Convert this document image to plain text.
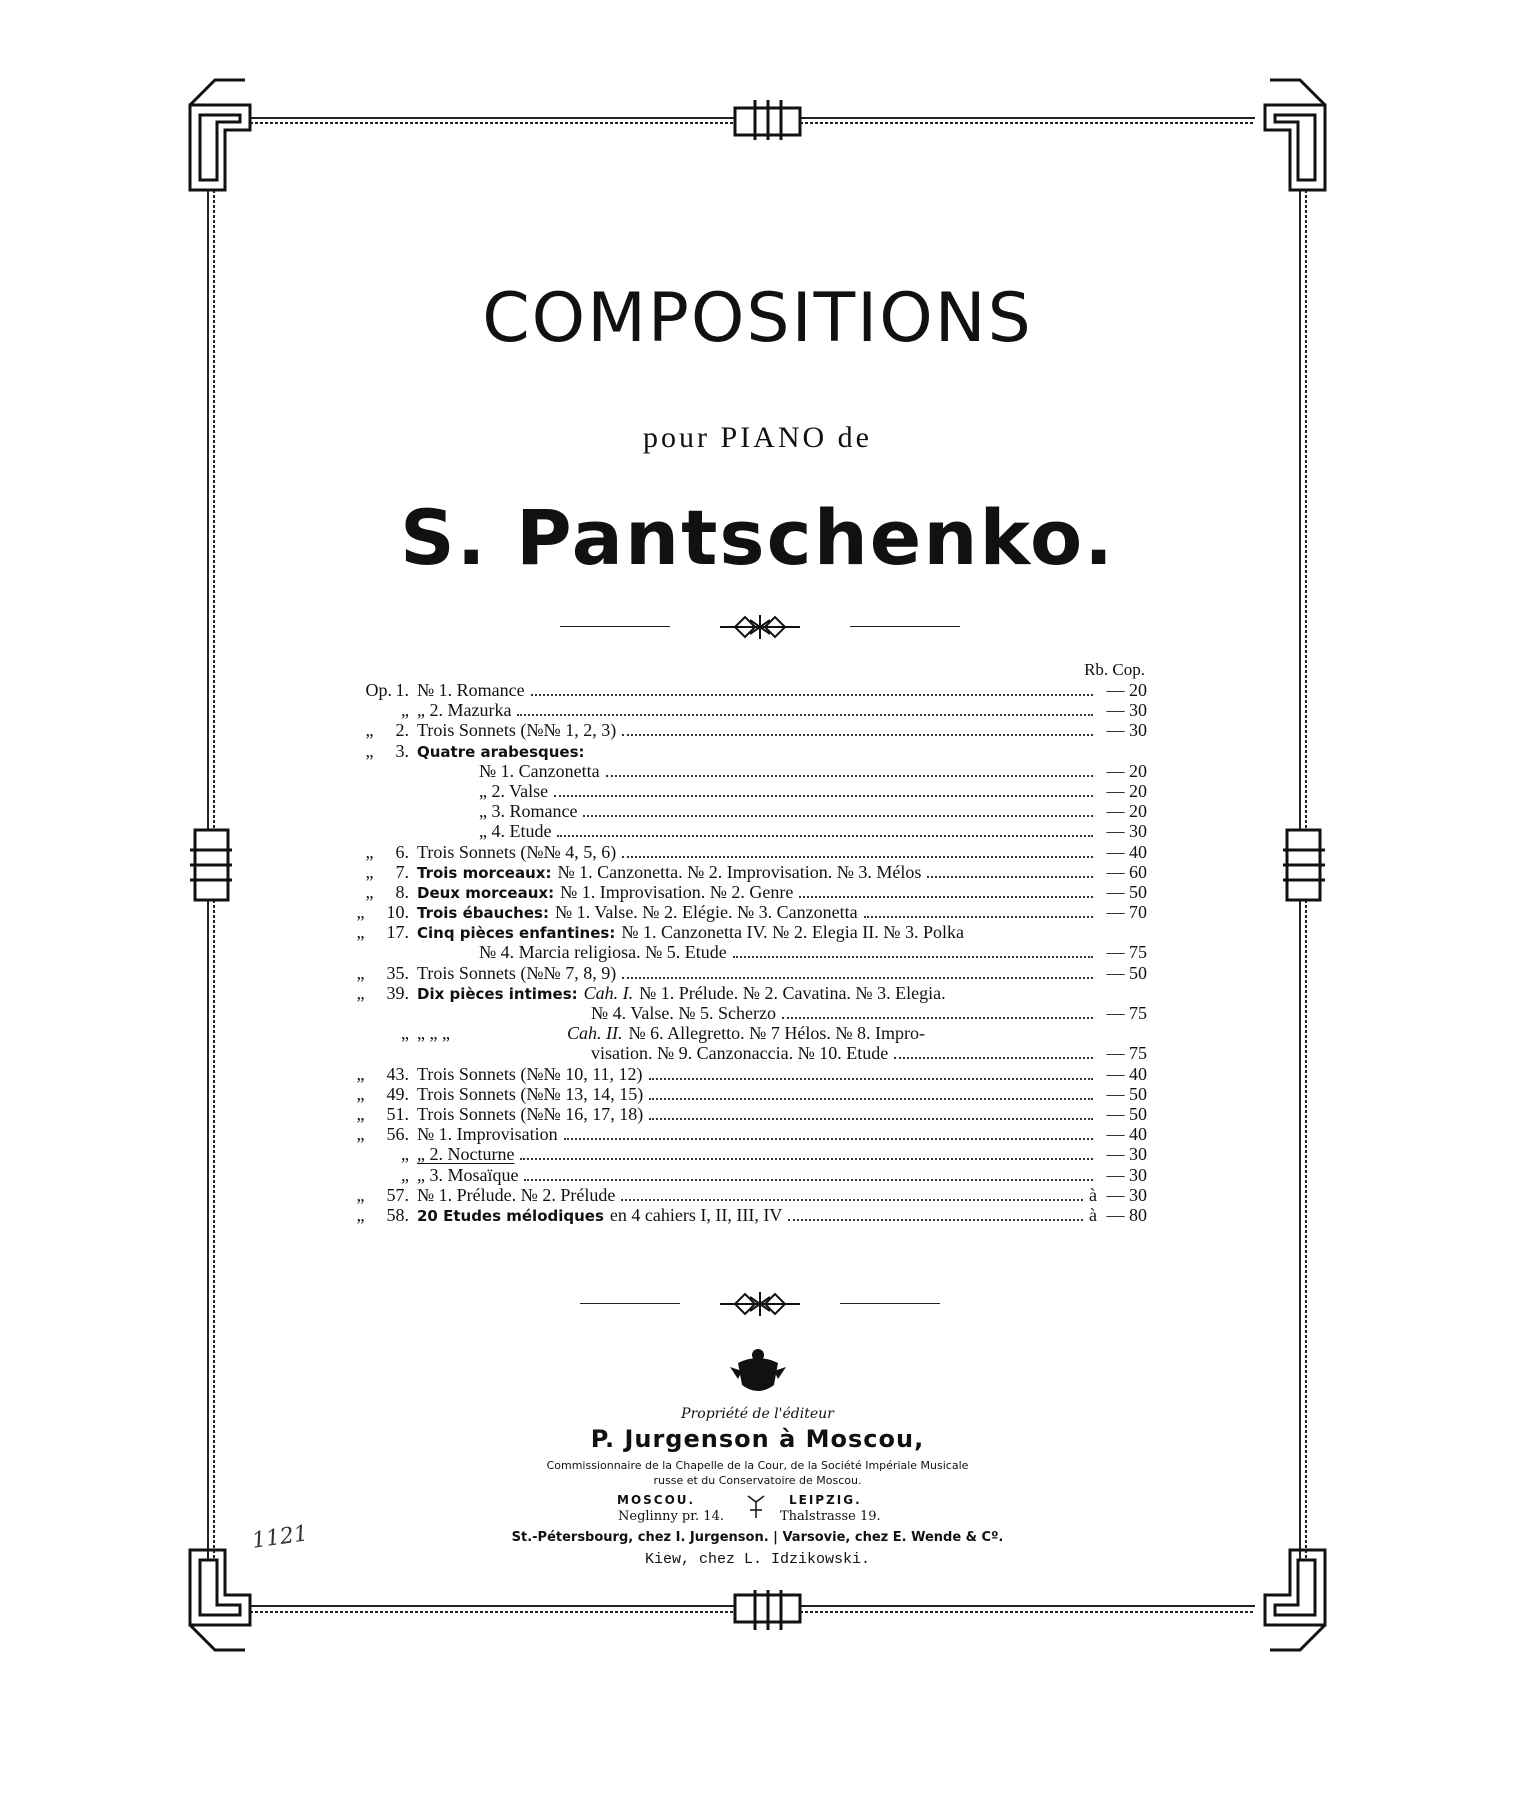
COMPOSITIONS
pour PIANO de
S. Pantschenko.
Rb. Cop.
Op. 1. № 1. Romance	— 20
„ „ 2. Mazurka	— 30
„ 2. Trois Sonnets (№№ 1, 2, 3)	— 30
„ 3. Quatre arabesques:
№ 1. Canzonetta	— 20
„ 2. Valse	— 20
„ 3. Romance	— 20
„ 4. Etude	— 30
„ 6. Trois Sonnets (№№ 4, 5, 6)	— 40
„ 7. Trois morceaux: № 1. Canzonetta. № 2. Improvisation. № 3. Mélos	— 60
„ 8. Deux morceaux: № 1. Improvisation. № 2. Genre	— 50
„ 10. Trois ébauches: № 1. Valse. № 2. Elégie. № 3. Canzonetta	— 70
„ 17. Cinq pièces enfantines: № 1. Canzonetta IV. № 2. Elegia II. № 3. Polka
№ 4. Marcia religiosa. № 5. Etude	— 75
„ 35. Trois Sonnets (№№ 7, 8, 9)	— 50
„ 39. Dix pièces intimes: Cah. I. № 1. Prélude. № 2. Cavatina. № 3. Elegia.
№ 4. Valse. № 5. Scherzo	— 75
„ „ „ „	Cah. II. № 6. Allegretto. № 7 Hélos. № 8. Impro-
visation. № 9. Canzonaccia. № 10. Etude	— 75
„ 43. Trois Sonnets (№№ 10, 11, 12)	— 40
„ 49. Trois Sonnets (№№ 13, 14, 15)	— 50
„ 51. Trois Sonnets (№№ 16, 17, 18)	— 50
„ 56. № 1. Improvisation	— 40
„ „ 2. Nocturne	— 30
„ „ 3. Mosaïque	— 30
„ 57. № 1. Prélude. № 2. Prélude	à — 30
„ 58. 20 Etudes mélodiques en 4 cahiers I, II, III, IV	à — 80
Propriété de l'éditeur
P. Jurgenson à Moscou,
Commissionnaire de la Chapelle de la Cour, de la Société Impériale Musicale
russe et du Conservatoire de Moscou.
MOSCOU.	LEIPZIG.
Neglinny pr. 14.	Thalstrasse 19.
St.-Pétersbourg, chez I. Jurgenson. | Varsovie, chez E. Wende & Cº.
Kiew, chez L. Idzikowski.
1121
